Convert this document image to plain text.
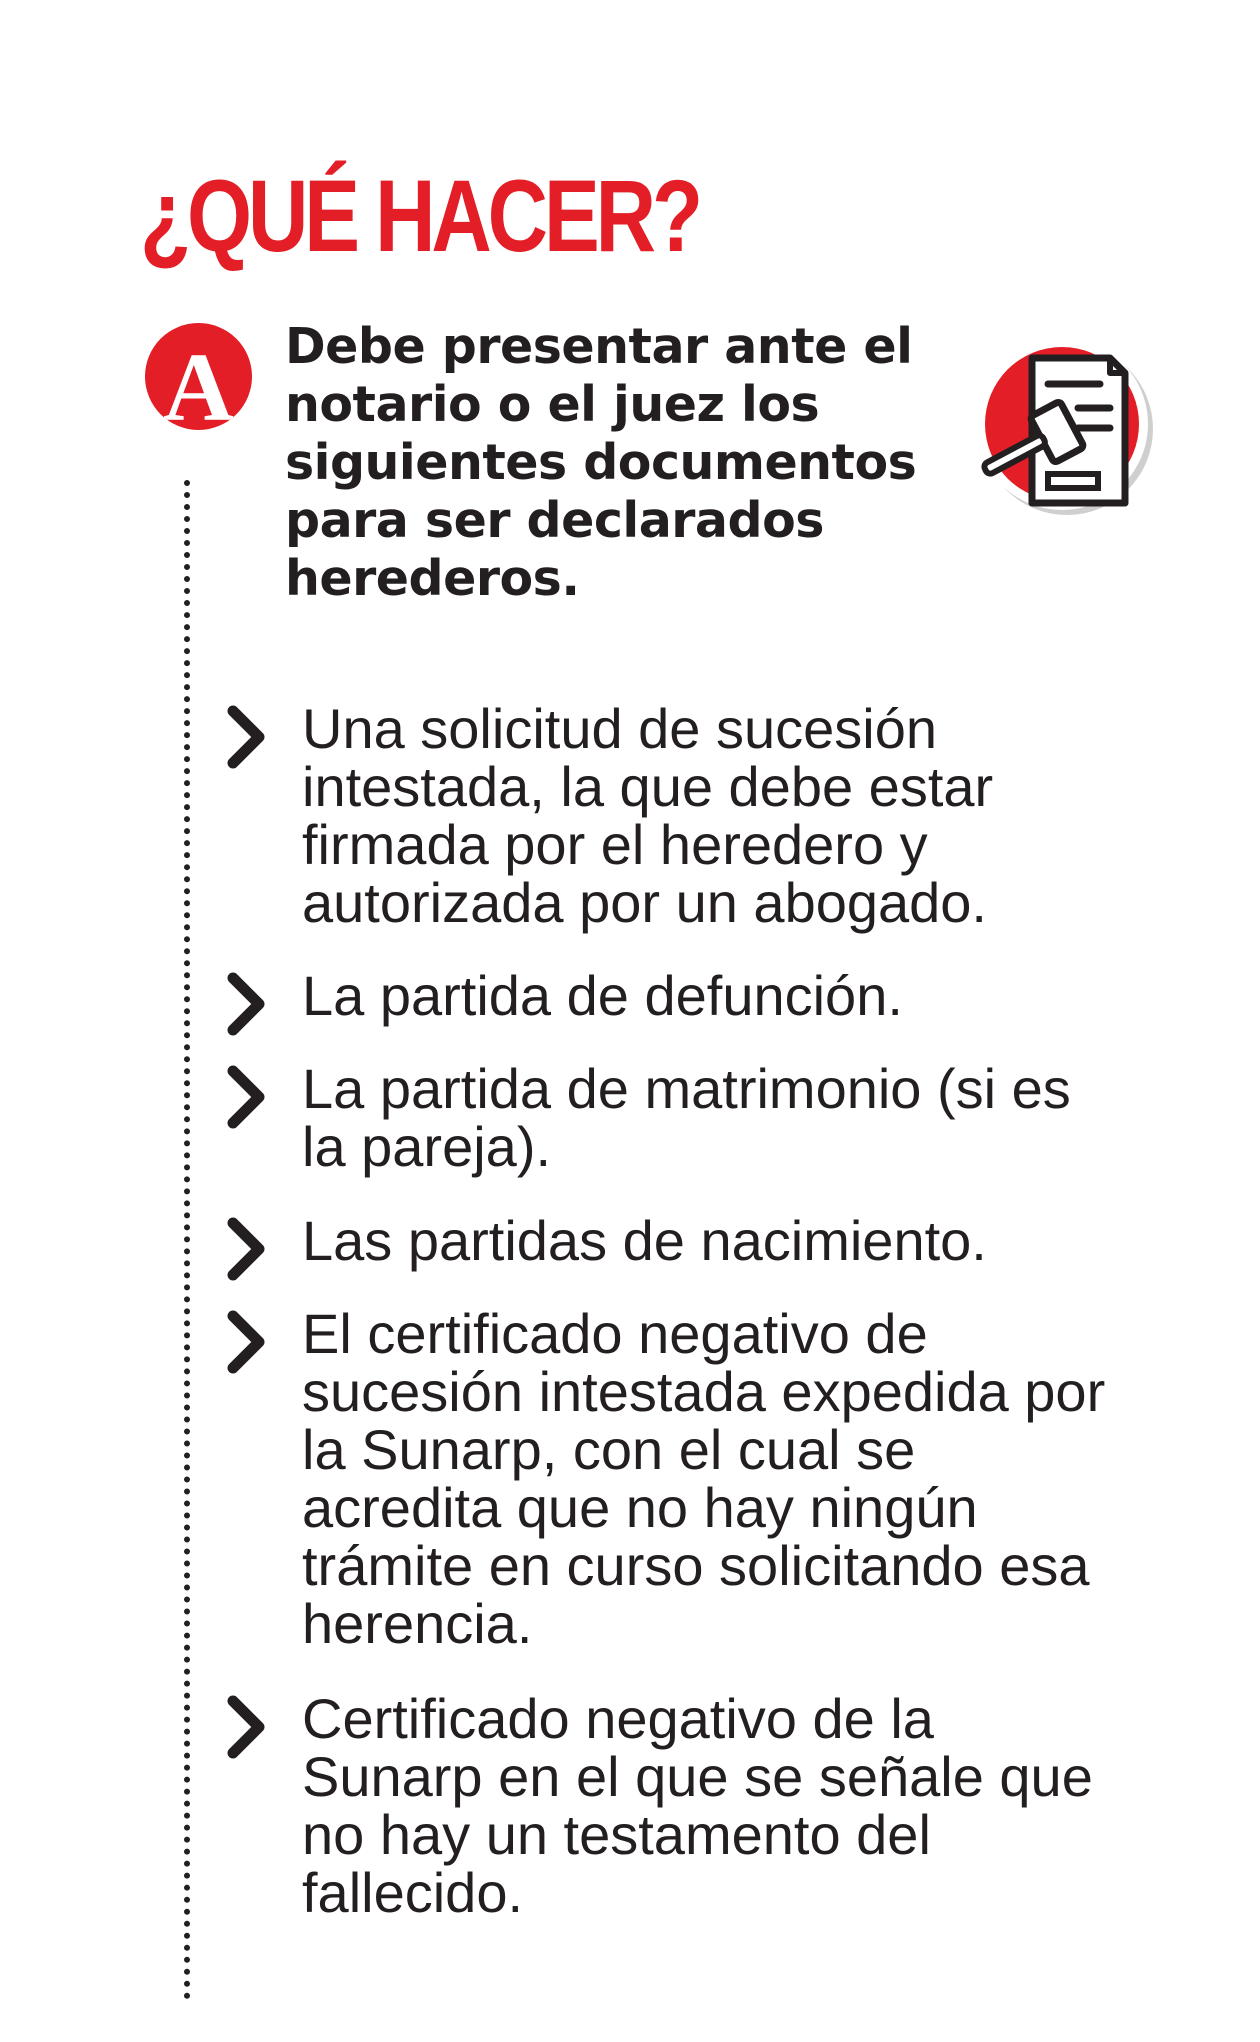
¿QUÉ HACER?
A	Debe presentar ante el notario o el juez los siguientes documentos para ser declarados herederos.

Una solicitud de sucesión intestada, la que debe estar firmada por el heredero y autorizada por un abogado.

La partida de defunción.

La partida de matrimonio (si es la pareja).

Las partidas de nacimiento.

El certificado negativo de sucesión intestada expedida por la Sunarp, con el cual se acredita que no hay ningún trámite en curso solicitando esa herencia.

Certificado negativo de la Sunarp en el que se señale que no hay un testamento del fallecido.
